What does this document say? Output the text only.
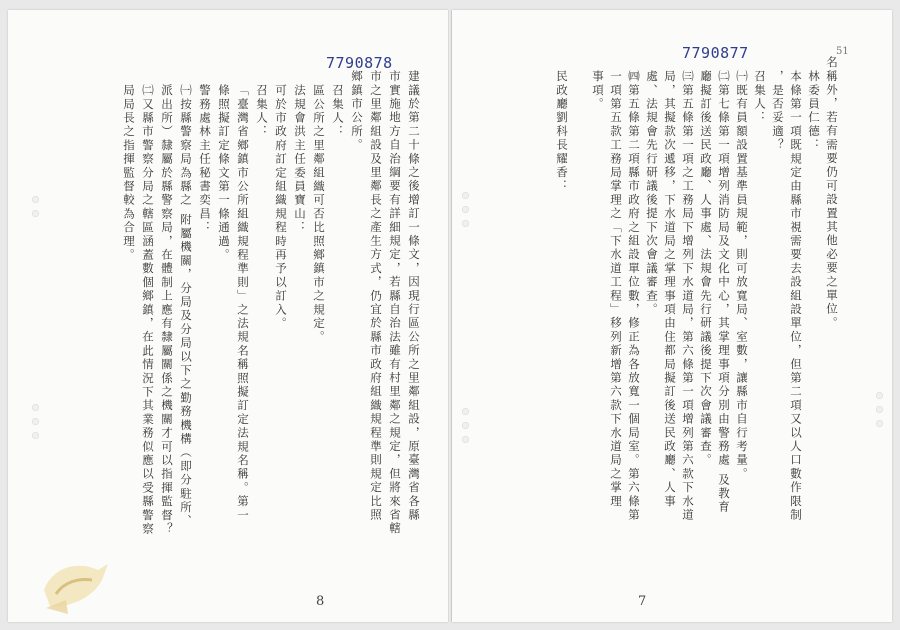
7790878
8
建議於第二十條之後增訂一條文，因現行區公所之里鄰組設，原臺灣省各縣
市實施地方自治綱要有詳細規定，若縣自治法雖有村里鄰之規定，但將來省轄
市之里鄰組設及里鄰長之產生方式，仍宜於縣市政府組織規程準則規定比照
鄉鎮市公所。
召集人：
區公所之里鄰組織可否比照鄉鎮市之規定。
法規會洪主任委員寶山：
可於市政府訂定組織規程時再予以訂入。
召集人：
「臺灣省鄉鎮市公所組織規程準則」之法規名稱照擬訂定法規名稱。第一
條照擬訂定條文第一條通過。
警務處林主任秘書奕昌：
㈠按縣警察局為縣之 附屬機關，分局及分局以下之勤務機構（即分駐所、
派出所）隸屬於縣警察局，在體制上應有隸屬關係之機關才可以指揮監督？
㈡又縣市警察分局之轄區涵蓋數個鄉鎮，在此情況下其業務似應以受縣警察
局局長之指揮監督較為合理。
7790877	51
7
名稱外，若有需要仍可設置其他必要之單位。
林委員仁德：
本條第一項既規定由縣市視需要去設組設單位，但第二項又以人口數作限制
，是否妥適？
召集人：
㈠既有員額設置基準員規範，則可放寬局、室數，讓縣市自行考量。
㈡第七條第一項增列消防局及文化中心，其掌理事項分別由警務處 及教育
廳擬訂後送民政廳、人事處、法規會先行研議後提下次會議審查。
㈢第五條第一項之工務局下增列下水道局，第六條第一項增列第六款下水道
局，其擬款次遞移，下水道局之掌理事項由住都局擬訂後送民政廳、人事
處、法規會先行研議後提下次會議審查。
㈣第五條第二項縣市政府之組設單位數，修正為各放寬一個局室。第六條第
一項第五款工務局掌理之「下水道工程」移列新增第六款下水道局之掌理
事項。
民政廳劉科長耀香：
